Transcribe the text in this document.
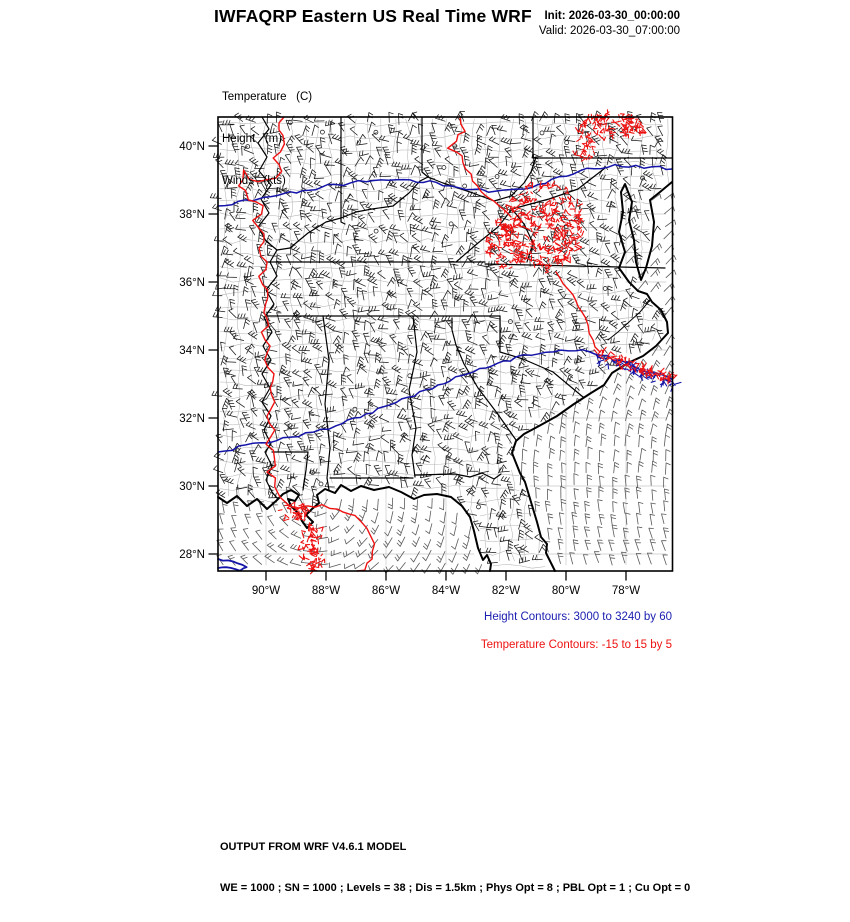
40°N
38°N
36°N
34°N
32°N
30°N
28°N
90°W	88°W	86°W	84°W	82°W	80°W	78°W
IWFAQRP Eastern US Real Time WRF Init: 2026-03-30_00:00:00
Valid: 2026-03-30_07:00:00

Temperature   (C)

Height   (m)

Winds   (kts)

Height Contours: 3000 to 3240 by 60
Temperature Contours: -15 to 15 by 5

OUTPUT FROM WRF V4.6.1 MODEL

WE = 1000 ; SN = 1000 ; Levels = 38 ; Dis = 1.5km ; Phys Opt = 8 ; PBL Opt = 1 ; Cu Opt = 0
